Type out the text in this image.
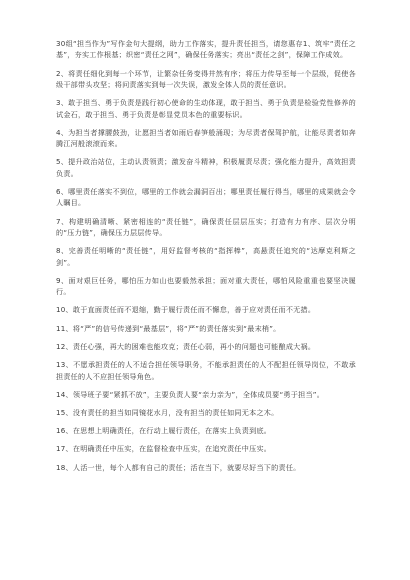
30组“担当作为”写作金句大提纲，助力工作落实，提升责任担当，请您惠存1、筑牢“责任之基”，夯实工作根基；织密“责任之网”，确保任务落实；亮出“责任之剑”，保障工作成效。

2、将责任细化到每一个环节，让繁杂任务变得井然有序；将压力传导至每一个层级，促使各级干部带头攻坚；将问责落实到每一次失误，激发全体人员的责任意识。

3、敢于担当、勇于负责是践行初心使命的生动体现，敢于担当、勇于负责是检验党性修养的试金石，敢于担当、勇于负责是彰显党员本色的重要标识。

4、为担当者撑腰鼓劲，让愿担当者如雨后春笋般涌现；为尽责者保驾护航，让能尽责者如奔腾江河般滚滚而来。

5、提升政治站位，主动认责领责；激发奋斗精神，积极履责尽责；强化能力提升，高效担责负责。

6、哪里责任落实不到位，哪里的工作就会漏洞百出；哪里责任履行得当，哪里的成果就会令人瞩目。

7、构建明确清晰、紧密相连的“责任链”，确保责任层层压实；打造有力有序、层次分明的“压力链”，确保压力层层传导。

8、完善责任明晰的“责任链”，用好监督考核的“指挥棒”，高悬责任追究的“达摩克利斯之剑”。

9、面对艰巨任务，哪怕压力如山也要毅然承担；面对重大责任，哪怕风险重重也要坚决履行。

10、敢于直面责任而不退缩，勤于履行责任而不懈怠，善于应对责任而不无措。

11、将“严”的信号传递到“最基层”，将“严”的责任落实到“最末梢”。

12、责任心强，再大的困难也能攻克；责任心弱，再小的问题也可能酿成大祸。

13、不愿承担责任的人不适合担任领导职务，不能承担责任的人不配担任领导岗位，不敢承担责任的人不应担任领导角色。

14、领导班子要“紧抓不放”，主要负责人要“亲力亲为”，全体成员要“勇于担当”。

15、没有责任的担当如同镜花水月，没有担当的责任如同无本之木。

16、在思想上明确责任，在行动上履行责任，在落实上负责到底。

17、在明确责任中压实，在监督检查中压实，在追究责任中压实。

18、人活一世，每个人都有自己的责任；活在当下，就要尽好当下的责任。
